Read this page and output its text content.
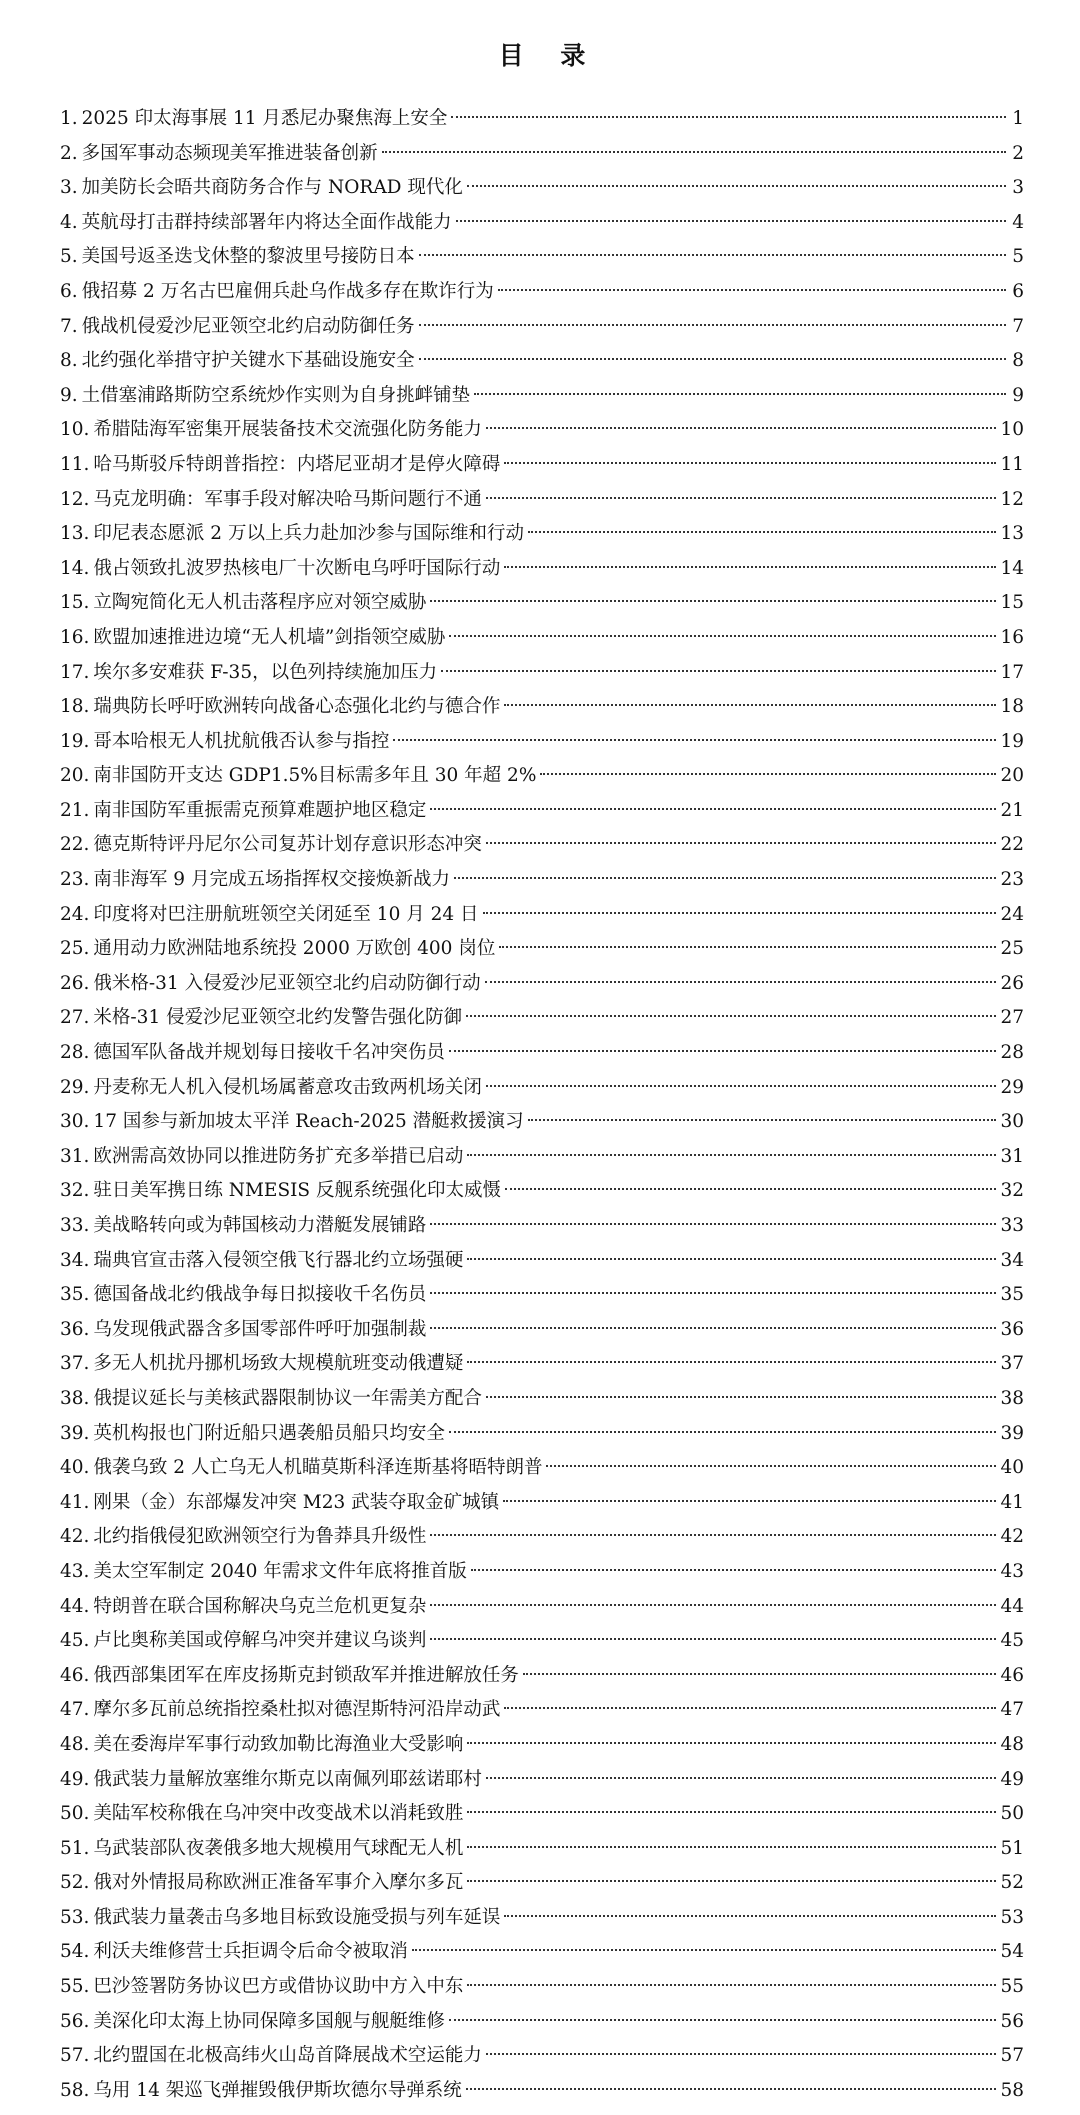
目 录
1. 2025 印太海事展 11 月悉尼办聚焦海上安全	1
2. 多国军事动态频现美军推进装备创新	2
3. 加美防长会晤共商防务合作与 NORAD 现代化	3
4. 英航母打击群持续部署年内将达全面作战能力	4
5. 美国号返圣迭戈休整的黎波里号接防日本	5
6. 俄招募 2 万名古巴雇佣兵赴乌作战多存在欺诈行为	6
7. 俄战机侵爱沙尼亚领空北约启动防御任务	7
8. 北约强化举措守护关键水下基础设施安全	8
9. 土借塞浦路斯防空系统炒作实则为自身挑衅铺垫	9
10. 希腊陆海军密集开展装备技术交流强化防务能力	10
11. 哈马斯驳斥特朗普指控：内塔尼亚胡才是停火障碍	11
12. 马克龙明确：军事手段对解决哈马斯问题行不通	12
13. 印尼表态愿派 2 万以上兵力赴加沙参与国际维和行动	13
14. 俄占领致扎波罗热核电厂十次断电乌呼吁国际行动	14
15. 立陶宛简化无人机击落程序应对领空威胁	15
16. 欧盟加速推进边境“无人机墙”剑指领空威胁	16
17. 埃尔多安难获 F-35，以色列持续施加压力	17
18. 瑞典防长呼吁欧洲转向战备心态强化北约与德合作	18
19. 哥本哈根无人机扰航俄否认参与指控	19
20. 南非国防开支达 GDP1.5%目标需多年且 30 年超 2%	20
21. 南非国防军重振需克预算难题护地区稳定	21
22. 德克斯特评丹尼尔公司复苏计划存意识形态冲突	22
23. 南非海军 9 月完成五场指挥权交接焕新战力	23
24. 印度将对巴注册航班领空关闭延至 10 月 24 日	24
25. 通用动力欧洲陆地系统投 2000 万欧创 400 岗位	25
26. 俄米格-31 入侵爱沙尼亚领空北约启动防御行动	26
27. 米格-31 侵爱沙尼亚领空北约发警告强化防御	27
28. 德国军队备战并规划每日接收千名冲突伤员	28
29. 丹麦称无人机入侵机场属蓄意攻击致两机场关闭	29
30. 17 国参与新加坡太平洋 Reach-2025 潜艇救援演习	30
31. 欧洲需高效协同以推进防务扩充多举措已启动	31
32. 驻日美军携日练 NMESIS 反舰系统强化印太威慑	32
33. 美战略转向或为韩国核动力潜艇发展铺路	33
34. 瑞典官宣击落入侵领空俄飞行器北约立场强硬	34
35. 德国备战北约俄战争每日拟接收千名伤员	35
36. 乌发现俄武器含多国零部件呼吁加强制裁	36
37. 多无人机扰丹挪机场致大规模航班变动俄遭疑	37
38. 俄提议延长与美核武器限制协议一年需美方配合	38
39. 英机构报也门附近船只遇袭船员船只均安全	39
40. 俄袭乌致 2 人亡乌无人机瞄莫斯科泽连斯基将晤特朗普	40
41. 刚果（金）东部爆发冲突 M23 武装夺取金矿城镇	41
42. 北约指俄侵犯欧洲领空行为鲁莽具升级性	42
43. 美太空军制定 2040 年需求文件年底将推首版	43
44. 特朗普在联合国称解决乌克兰危机更复杂	44
45. 卢比奥称美国或停解乌冲突并建议乌谈判	45
46. 俄西部集团军在库皮扬斯克封锁敌军并推进解放任务	46
47. 摩尔多瓦前总统指控桑杜拟对德涅斯特河沿岸动武	47
48. 美在委海岸军事行动致加勒比海渔业大受影响	48
49. 俄武装力量解放塞维尔斯克以南佩列耶兹诺耶村	49
50. 美陆军校称俄在乌冲突中改变战术以消耗致胜	50
51. 乌武装部队夜袭俄多地大规模用气球配无人机	51
52. 俄对外情报局称欧洲正准备军事介入摩尔多瓦	52
53. 俄武装力量袭击乌多地目标致设施受损与列车延误	53
54. 利沃夫维修营士兵拒调令后命令被取消	54
55. 巴沙签署防务协议巴方或借协议助中方入中东	55
56. 美深化印太海上协同保障多国舰与舰艇维修	56
57. 北约盟国在北极高纬火山岛首降展战术空运能力	57
58. 乌用 14 架巡飞弹摧毁俄伊斯坎德尔导弹系统	58
